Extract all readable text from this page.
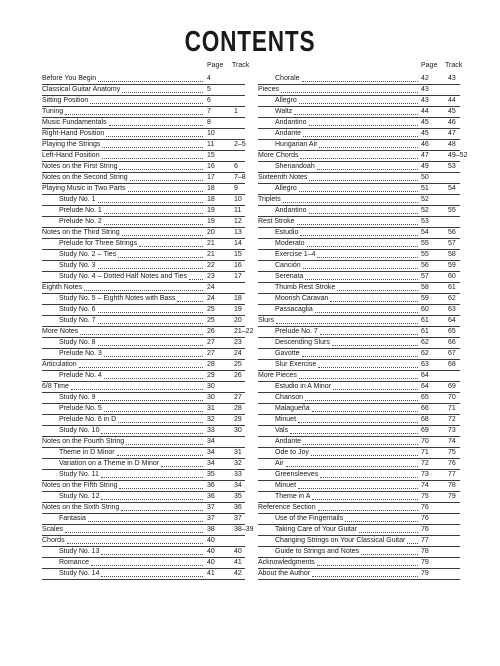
CONTENTS
Page Track
Before You Begin	4
Classical Guitar Anatomy	5
Sitting Position	6
Tuning	7	1
Music Fundamentals	8
Right-Hand Position	10
Playing the Strings	11	2–5
Left-Hand Position	15
Notes on the First String	16	6
Notes on the Second String	17	7–8
Playing Music in Two Parts	18	9
Study No. 1	18	10
Prelude No. 1	19	11
Prelude No. 2	19	12
Notes on the Third String	20	13
Prelude for Three Strings	21	14
Study No. 2 – Ties	21	15
Study No. 3	22	16
Study No. 4 – Dotted Half Notes and Ties	23	17
Eighth Notes	24
Study No. 5 – Eighth Notes with Bass	24	18
Study No. 6	25	19
Study No. 7	25	20
More Notes	26	21–22
Study No. 8	27	23
Prelude No. 3	27	24
Articulation	28	25
Prelude No. 4	29	26
6/8 Time	30
Study No. 9	30	27
Prelude No. 5	31	28
Prelude No. 6 in D	32	29
Study No. 10	33	30
Notes on the Fourth String	34
Theme in D Minor	34	31
Variation on a Theme in D Minor	34	32
Study No. 11	35	33
Notes on the Fifth String	36	34
Study No. 12	36	35
Notes on the Sixth String	37	36
Fantasia	37	37
Scales	38	38–39
Chords	40
Study No. 13	40	40
Romance	40	41
Study No. 14	41	42
Page Track
Chorale	42	43
Pieces	43
Allegro	43	44
Waltz	44	45
Andantino	45	46
Andante	45	47
Hungarian Air	46	48
More Chords	47	49–52
Shenandoah	49	53
Sixteenth Notes	50
Allegro	51	54
Triplets	52
Andantino	52	55
Rest Stroke	53
Estudio	54	56
Moderato	55	57
Exercise 1–4	55	58
Canción	56	59
Serenata	57	60
Thumb Rest Stroke	58	61
Moorish Caravan	59	62
Passacaglia	60	63
Slurs	61	64
Prelude No. 7	61	65
Descending Slurs	62	66
Gavotte	62	67
Slur Exercise	63	68
More Pieces	64
Estudio in A Minor	64	69
Chanson	65	70
Malagueña	66	71
Minuet	68	72
Vals	69	73
Andante	70	74
Ode to Joy	71	75
Air	72	76
Greensleeves	73	77
Minuet	74	78
Theme in A	75	79
Reference Section	76
Use of the Fingernails	76
Taking Care of Your Guitar	76
Changing Strings on Your Classical Guitar 77
Guide to Strings and Notes	78
Acknowledgments	79
About the Author	79
